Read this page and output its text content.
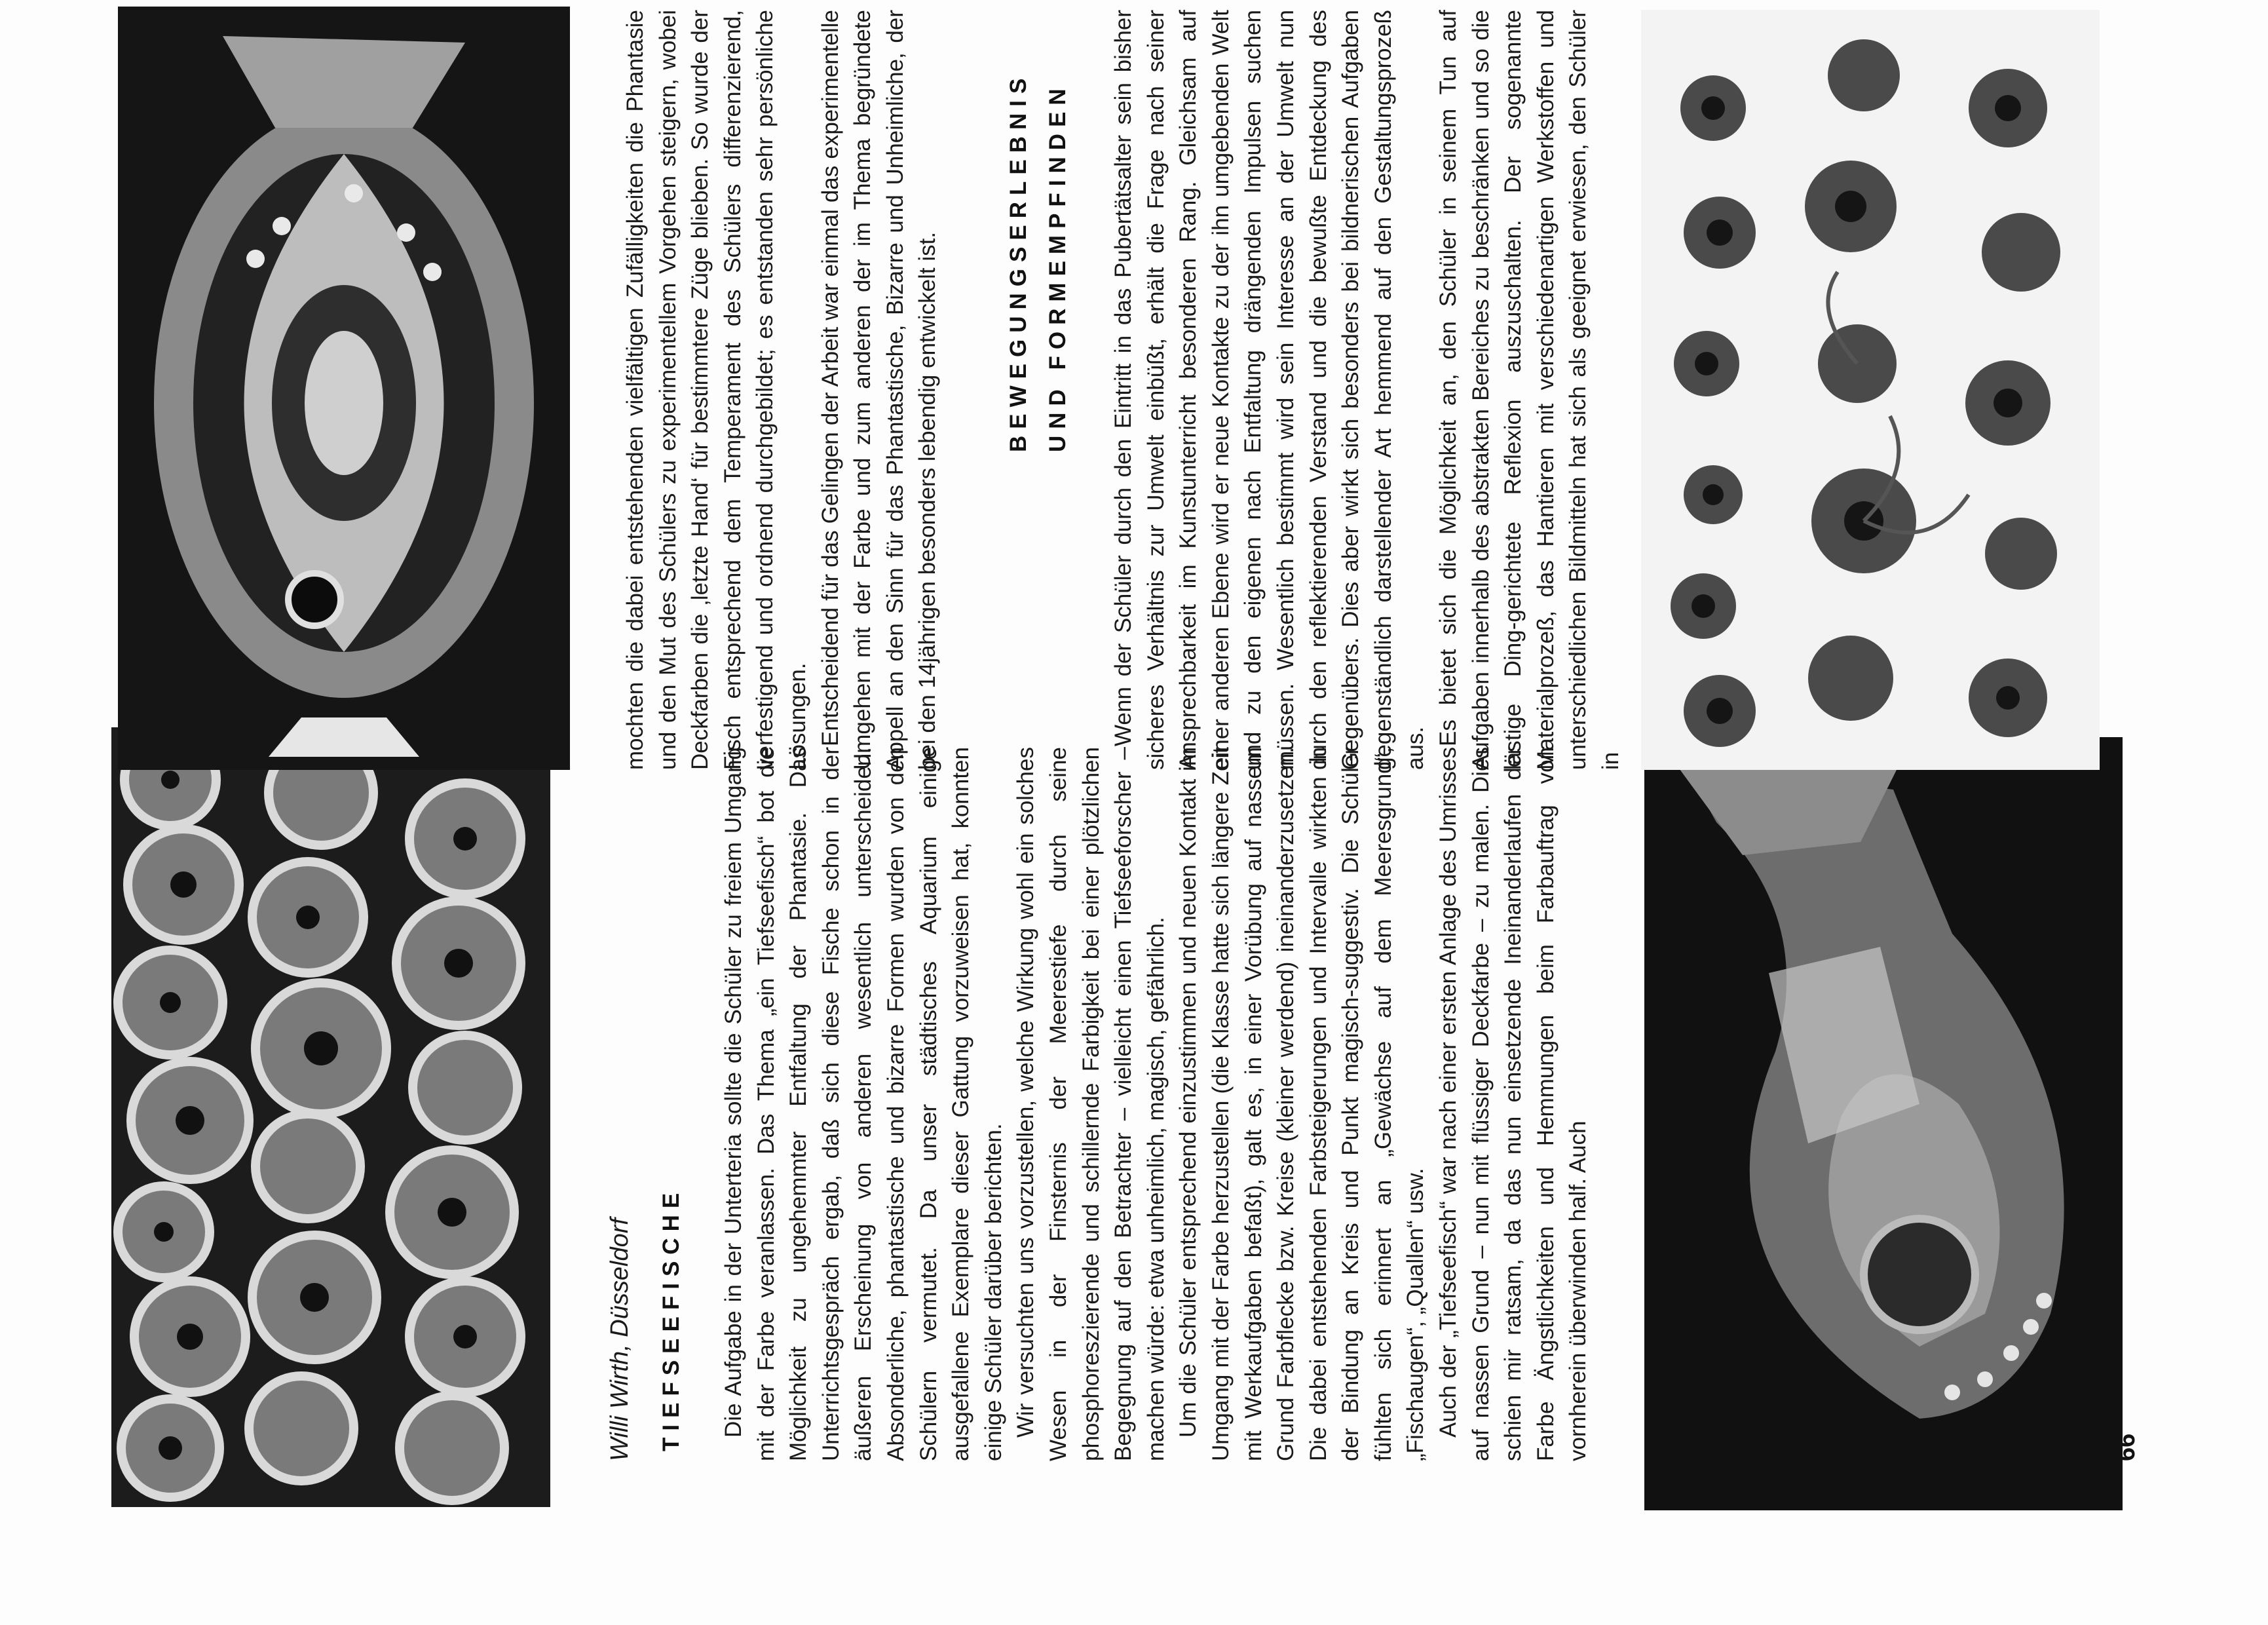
Willi Wirth, Düsseldorf TIEFSEEFISCHE Die Aufgabe in der Unterteria sollte die Schüler zu freiem Umgang mit der Farbe veranlassen. Das Thema „ein Tiefseefisch“ bot die Möglichkeit zu ungehemmter Entfaltung der Phantasie. Das Unterrichtsgespräch ergab, daß sich diese Fische schon in der äußeren Erscheinung von anderen wesentlich unterscheiden. Absonderliche, phantastische und bizarre Formen wurden von den Schülern vermutet. Da unser städtisches Aquarium einige ausgefallene Exemplare dieser Gattung vorzuweisen hat, konnten einige Schüler darüber berichten. Wir versuchten uns vorzustellen, welche Wirkung wohl ein solches Wesen in der Finsternis der Meerestiefe durch seine phosphoreszierende und schillernde Farbigkeit bei einer plötzlichen Begegnung auf den Betrachter – vielleicht einen Tiefseeforscher – machen würde: etwa unheimlich, magisch, gefährlich. Um die Schüler entsprechend einzustimmen und neuen Kontakt im Umgang mit der Farbe herzustellen (die Klasse hatte sich längere Zeit mit Werkaufgaben befaßt), galt es, in einer Vorübung auf nassem Grund Farbflecke bzw. Kreise (kleiner werdend) ineinanderzusetzen. Die dabei entstehenden Farbsteigerungen und Intervalle wirkten in der Bindung an Kreis und Punkt magisch-suggestiv. Die Schüler fühlten sich erinnert an „Gewächse auf dem Meeresgrund“, „Fischaugen“, „Quallen“ usw. Auch der „Tiefseefisch“ war nach einer ersten Anlage des Umrisses auf nassen Grund – nun mit flüssiger Deckfarbe – zu malen. Dies schien mir ratsam, da das nun einsetzende Ineinanderlaufen der Farbe Ängstlichkeiten und Hemmungen beim Farbauftrag von vornherein überwinden half. Auch

mochten die dabei entstehenden vielfältigen Zufälligkeiten die Phantasie und den Mut des Schülers zu experimentellem Vorgehen steigern, wobei Deckfarben die ‚letzte Hand‘ für bestimmtere Züge blieben. So wurde der Fisch entsprechend dem Temperament des Schülers differenzierend, verfestigend und ordnend durchgebildet; es entstanden sehr persönliche Lösungen. Entscheidend für das Gelingen der Arbeit war einmal das experimentelle Umgehen mit der Farbe und zum anderen der im Thema begründete Appell an den Sinn für das Phantastische, Bizarre und Unheimliche, der bei den 14jährigen besonders lebendig entwickelt ist.	BEWEGUNGSERLEBNIS UND FORMEMPFINDEN Wenn der Schüler durch den Eintritt in das Pubertätsalter sein bisher sicheres Verhältnis zur Umwelt einbüßt, erhält die Frage nach seiner Ansprechbarkeit im Kunstunterricht besonderen Rang. Gleichsam auf einer anderen Ebene wird er neue Kontakte zu der ihn umgebenden Welt und zu den eigenen nach Entfaltung drängenden Impulsen suchen müssen. Wesentlich bestimmt wird sein Interesse an der Umwelt nun durch den reflektierenden Verstand und die bewußte Entdeckung des Gegenübers. Dies aber wirkt sich besonders bei bildnerischen Aufgaben gegenständlich darstellender Art hemmend auf den Gestaltungsprozeß aus.

Es bietet sich die Möglichkeit an, den Schüler in seinem Tun auf Aufgaben innerhalb des abstrakten Bereiches zu beschränken und so die lästige Ding-gerichtete Reflexion auszuschalten. Der sogenannte Materialprozeß, das Hantieren mit verschiedenartigen Werkstoffen und unterschiedlichen Bildmitteln hat sich als geeignet erwiesen, den Schüler in

66
